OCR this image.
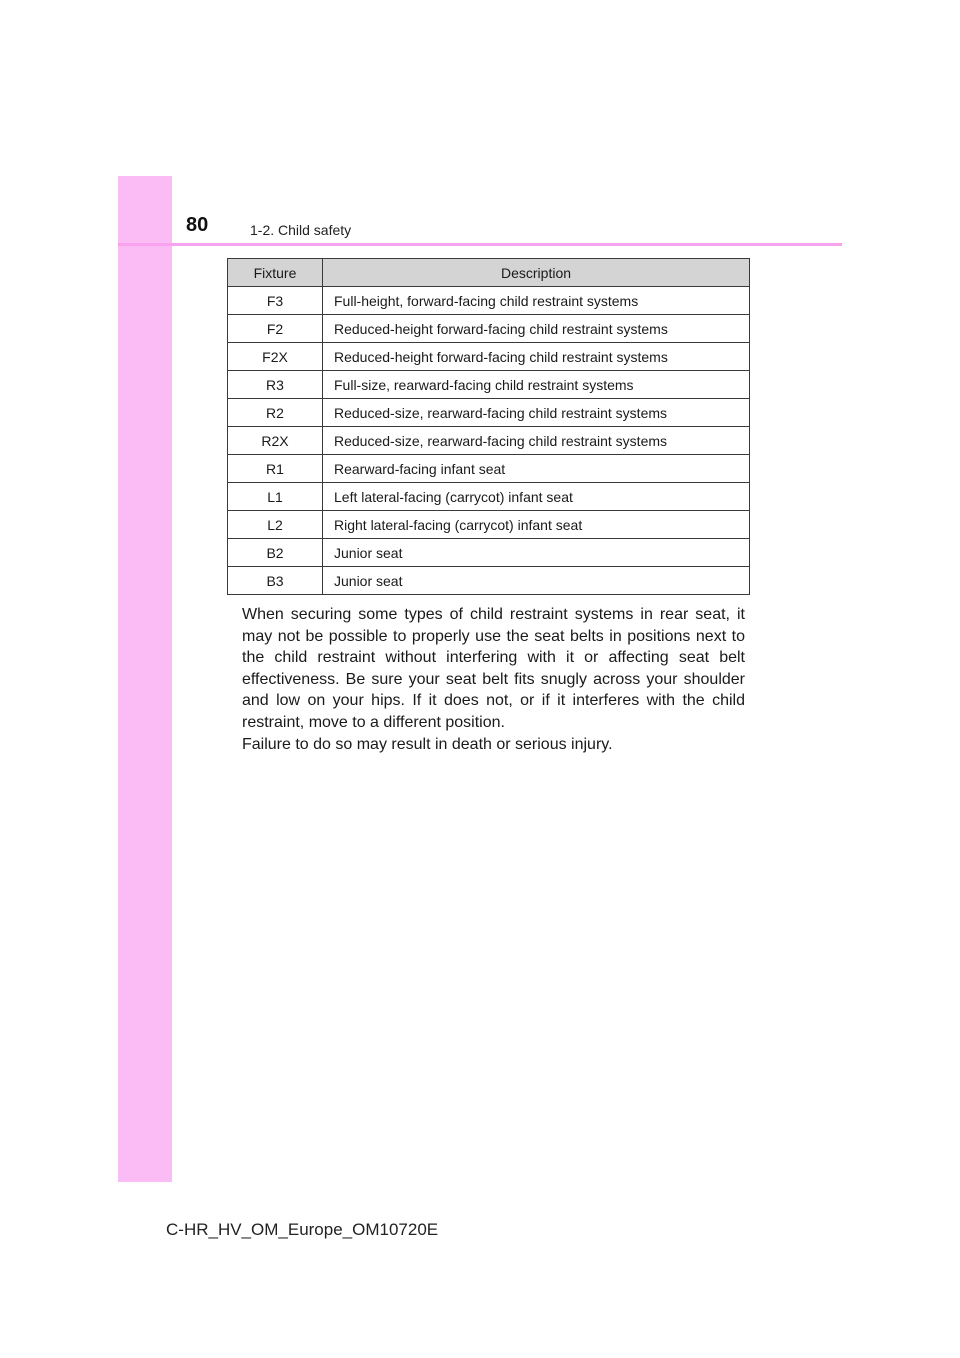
80	1-2. Child safety
Fixture	Description
F3	Full-height, forward-facing child restraint systems
F2	Reduced-height forward-facing child restraint systems
F2X	Reduced-height forward-facing child restraint systems
R3	Full-size, rearward-facing child restraint systems
R2	Reduced-size, rearward-facing child restraint systems
R2X	Reduced-size, rearward-facing child restraint systems
R1	Rearward-facing infant seat
L1	Left lateral-facing (carrycot) infant seat
L2	Right lateral-facing (carrycot) infant seat
B2	Junior seat
B3	Junior seat

When securing some types of child restraint systems in rear seat, it may not be possible to properly use the seat belts in positions next to the child restraint without interfering with it or affecting seat belt effectiveness. Be sure your seat belt fits snugly across your shoulder and low on your hips. If it does not, or if it interferes with the child restraint, move to a different position.

Failure to do so may result in death or serious injury.

C-HR_HV_OM_Europe_OM10720E
